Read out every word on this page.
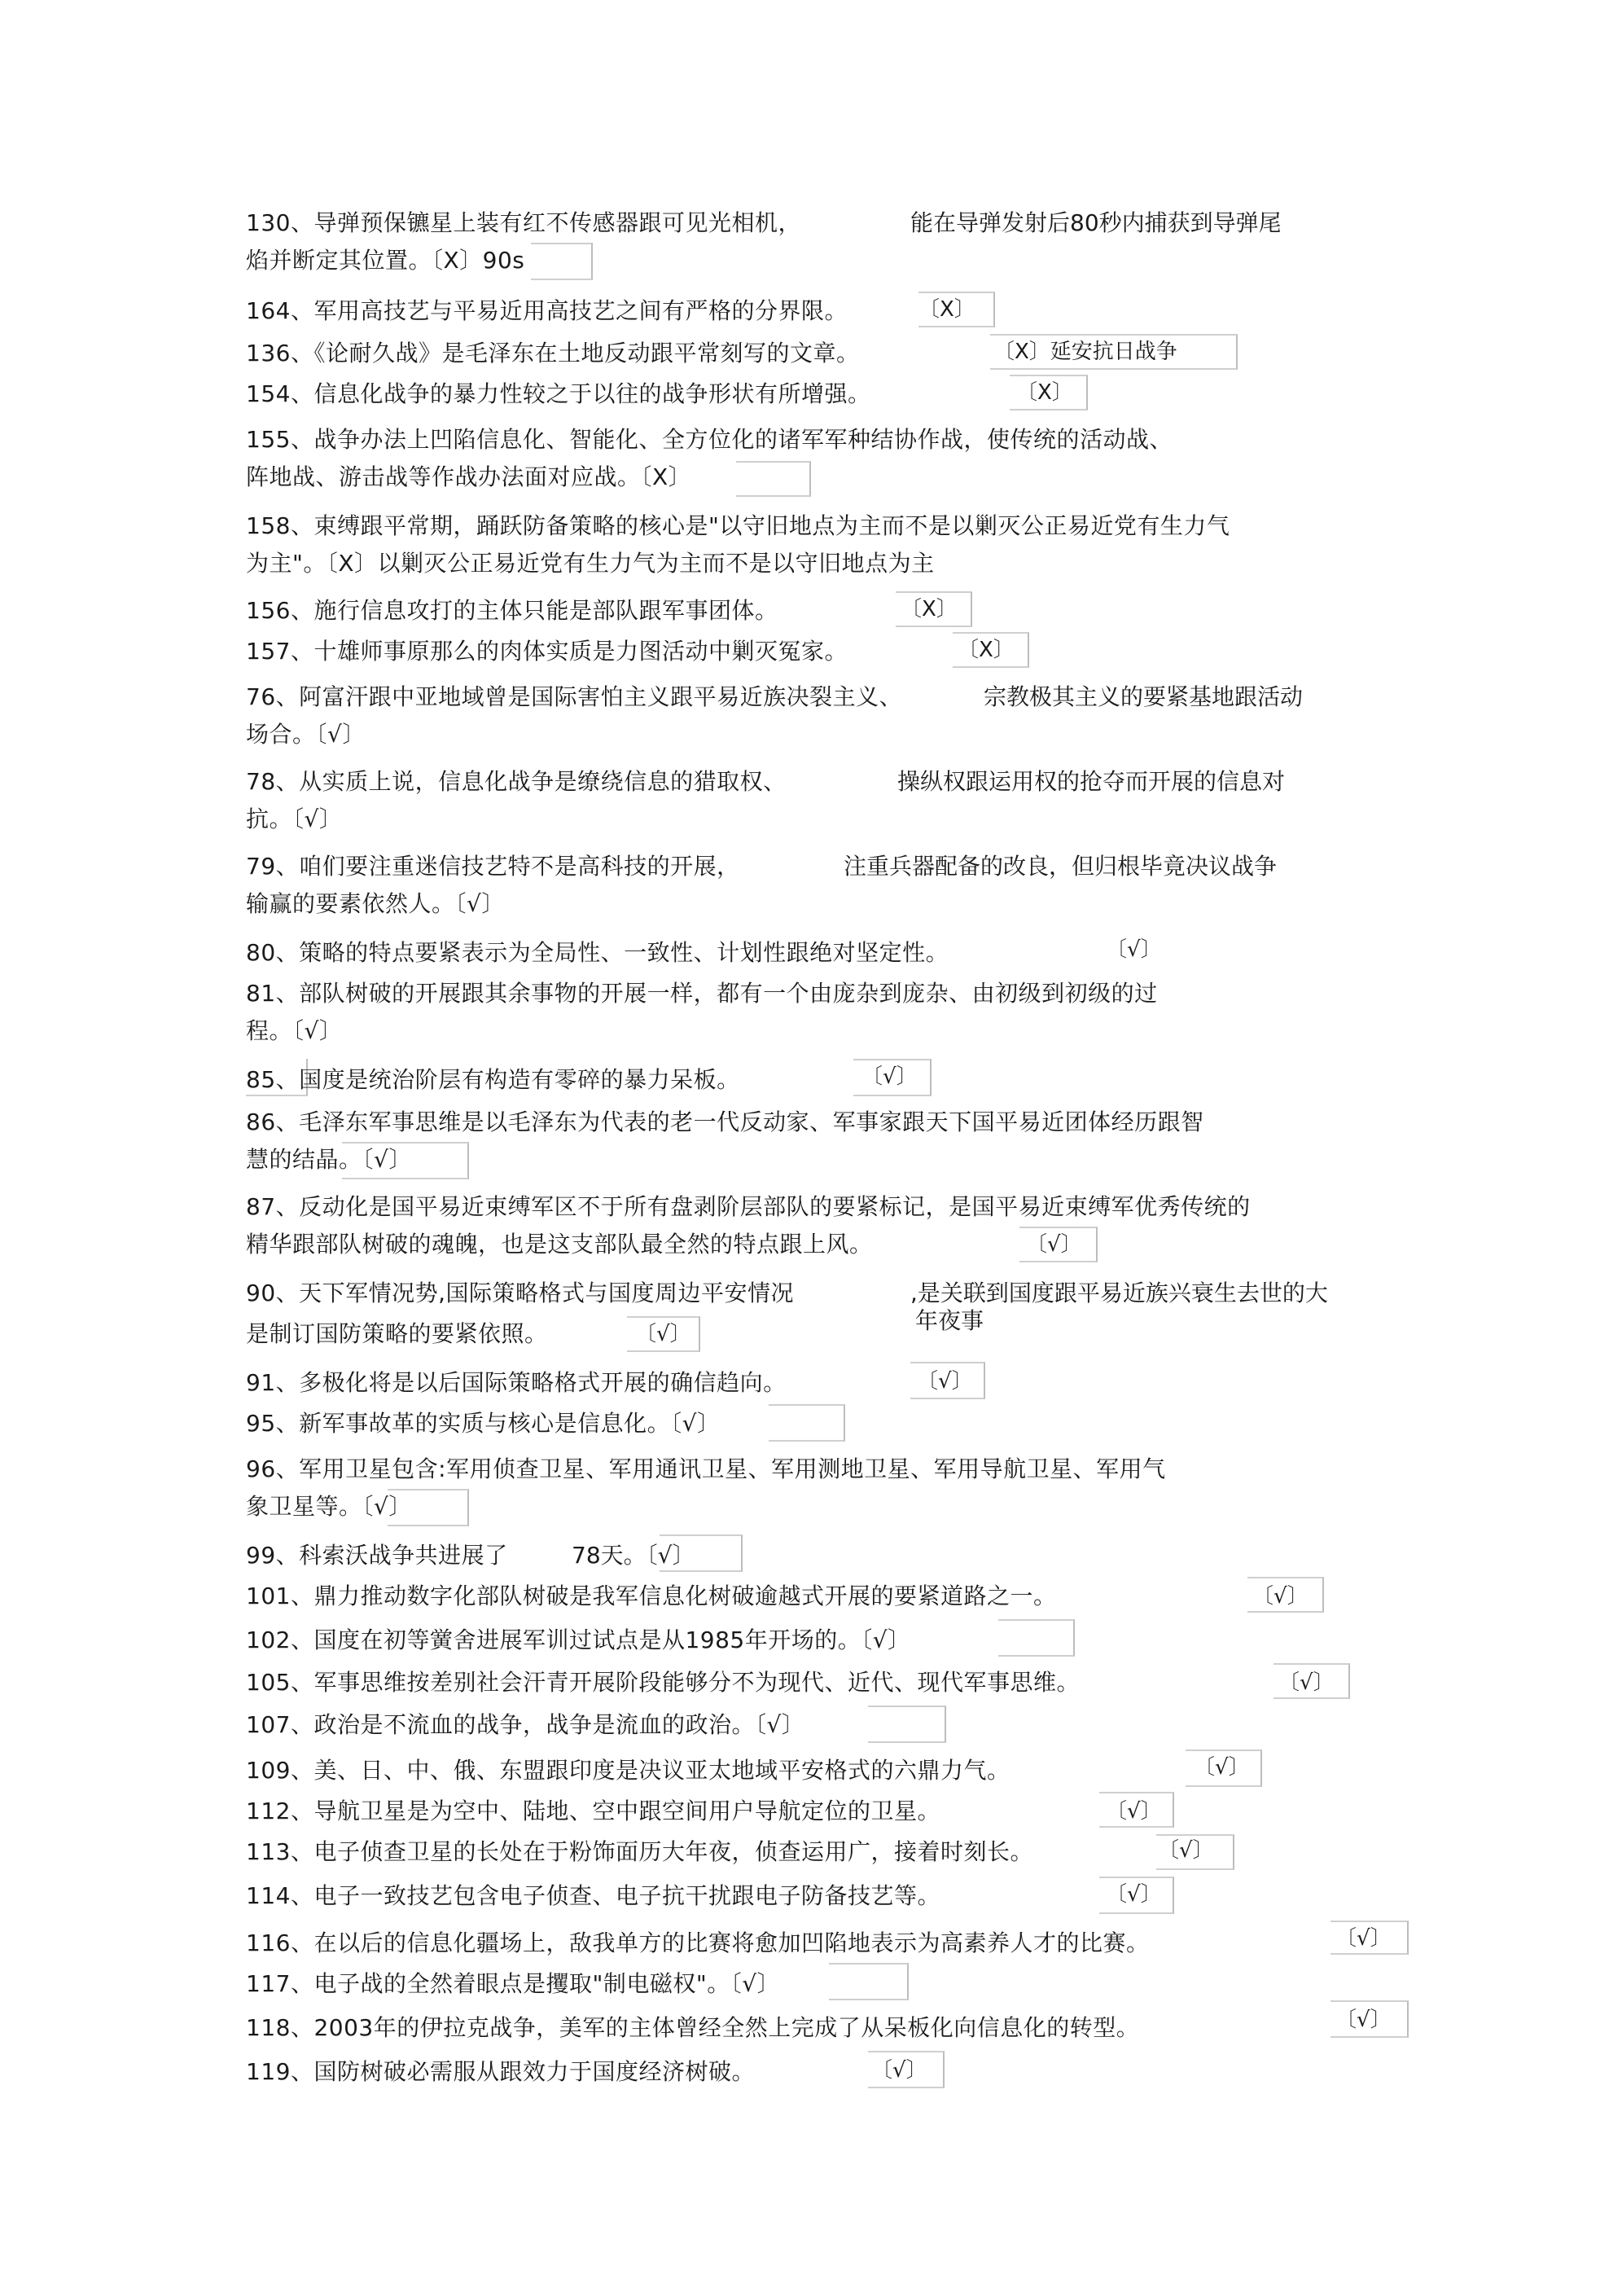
130、导弹预保镳星上装有红不传感器跟可见光相机，	能在导弹发射后80秒内捕获到导弹尾
焰并断定其位置。〔X〕90s
164、军用高技艺与平易近用高技艺之间有严格的分界限。	〔X〕
136、《论耐久战》是毛泽东在土地反动跟平常刻写的文章。	〔X〕延安抗日战争
154、信息化战争的暴力性较之于以往的战争形状有所增强。	〔X〕
155、战争办法上凹陷信息化、智能化、全方位化的诸军军种结协作战，使传统的活动战、
阵地战、游击战等作战办法面对应战。〔X〕
158、束缚跟平常期，踊跃防备策略的核心是"以守旧地点为主而不是以剿灭公正易近党有生力气
为主"。〔X〕以剿灭公正易近党有生力气为主而不是以守旧地点为主
156、施行信息攻打的主体只能是部队跟军事团体。	〔X〕
157、十雄师事原那么的肉体实质是力图活动中剿灭冤家。	〔X〕
76、阿富汗跟中亚地域曾是国际害怕主义跟平易近族决裂主义、	宗教极其主义的要紧基地跟活动
场合。〔√〕
78、从实质上说，信息化战争是缭绕信息的猎取权、	操纵权跟运用权的抢夺而开展的信息对
抗。〔√〕
79、咱们要注重迷信技艺特不是高科技的开展，	注重兵器配备的改良，但归根毕竟决议战争
输赢的要素依然人。〔√〕
80、策略的特点要紧表示为全局性、一致性、计划性跟绝对坚定性。	〔√〕
81、部队树破的开展跟其余事物的开展一样，都有一个由庞杂到庞杂、由初级到初级的过
程。〔√〕
85、国度是统治阶层有构造有零碎的暴力呆板。	〔√〕
86、毛泽东军事思维是以毛泽东为代表的老一代反动家、军事家跟天下国平易近团体经历跟智
慧的结晶。〔√〕
87、反动化是国平易近束缚军区不于所有盘剥阶层部队的要紧标记，是国平易近束缚军优秀传统的
精华跟部队树破的魂魄，也是这支部队最全然的特点跟上风。	〔√〕
90、天下军情况势,国际策略格式与国度周边平安情况	,是关联到国度跟平易近族兴衰生去世的大
年夜事
是制订国防策略的要紧依照。	〔√〕
91、多极化将是以后国际策略格式开展的确信趋向。	〔√〕
95、新军事故革的实质与核心是信息化。〔√〕
96、军用卫星包含:军用侦查卫星、军用通讯卫星、军用测地卫星、军用导航卫星、军用气
象卫星等。〔√〕
99、科索沃战争共进展了	78天。〔√〕
101、鼎力推动数字化部队树破是我军信息化树破逾越式开展的要紧道路之一。	〔√〕
102、国度在初等黉舍进展军训过试点是从1985年开场的。〔√〕
105、军事思维按差别社会汗青开展阶段能够分不为现代、近代、现代军事思维。	〔√〕
107、政治是不流血的战争，战争是流血的政治。〔√〕
109、美、日、中、俄、东盟跟印度是决议亚太地域平安格式的六鼎力气。	〔√〕
112、导航卫星是为空中、陆地、空中跟空间用户导航定位的卫星。	〔√〕
113、电子侦查卫星的长处在于粉饰面历大年夜，侦查运用广，接着时刻长。	〔√〕
114、电子一致技艺包含电子侦查、电子抗干扰跟电子防备技艺等。	〔√〕
116、在以后的信息化疆场上，敌我单方的比赛将愈加凹陷地表示为高素养人才的比赛。	〔√〕
117、电子战的全然着眼点是攫取"制电磁权"。〔√〕
118、2003年的伊拉克战争，美军的主体曾经全然上完成了从呆板化向信息化的转型。	〔√〕
119、国防树破必需服从跟效力于国度经济树破。	〔√〕
